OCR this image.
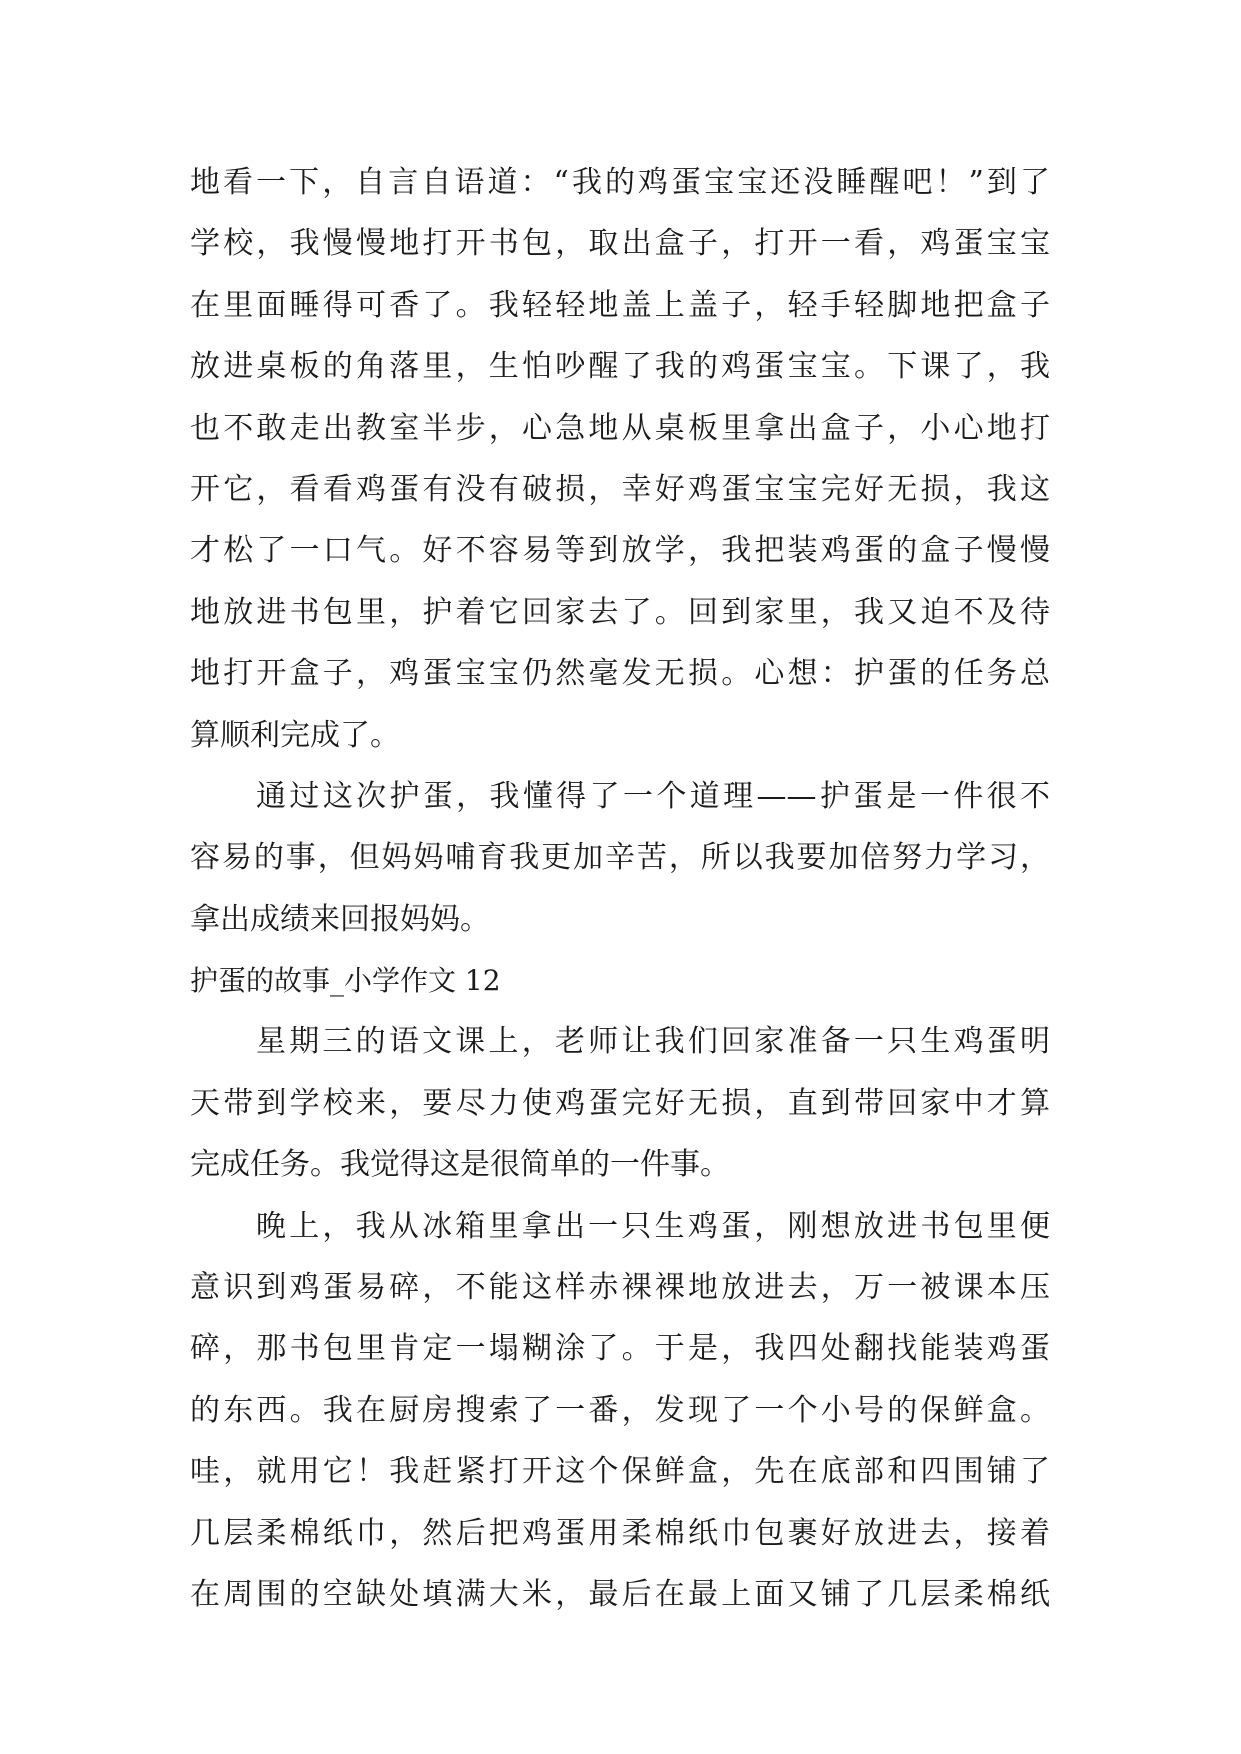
地看一下，自言自语道：“我的鸡蛋宝宝还没睡醒吧！”到了
学校，我慢慢地打开书包，取出盒子，打开一看，鸡蛋宝宝
在里面睡得可香了。我轻轻地盖上盖子，轻手轻脚地把盒子
放进桌板的角落里，生怕吵醒了我的鸡蛋宝宝。下课了，我
也不敢走出教室半步，心急地从桌板里拿出盒子，小心地打
开它，看看鸡蛋有没有破损，幸好鸡蛋宝宝完好无损，我这
才松了一口气。好不容易等到放学，我把装鸡蛋的盒子慢慢
地放进书包里，护着它回家去了。回到家里，我又迫不及待
地打开盒子，鸡蛋宝宝仍然毫发无损。心想：护蛋的任务总
算顺利完成了。
通过这次护蛋，我懂得了一个道理——护蛋是一件很不
容易的事，但妈妈哺育我更加辛苦，所以我要加倍努力学习，
拿出成绩来回报妈妈。
护蛋的故事_小学作文 12
星期三的语文课上，老师让我们回家准备一只生鸡蛋明
天带到学校来，要尽力使鸡蛋完好无损，直到带回家中才算
完成任务。我觉得这是很简单的一件事。
晚上，我从冰箱里拿出一只生鸡蛋，刚想放进书包里便
意识到鸡蛋易碎，不能这样赤裸裸地放进去，万一被课本压
碎，那书包里肯定一塌糊涂了。于是，我四处翻找能装鸡蛋
的东西。我在厨房搜索了一番，发现了一个小号的保鲜盒。
哇，就用它！我赶紧打开这个保鲜盒，先在底部和四围铺了
几层柔棉纸巾，然后把鸡蛋用柔棉纸巾包裹好放进去，接着
在周围的空缺处填满大米，最后在最上面又铺了几层柔棉纸
